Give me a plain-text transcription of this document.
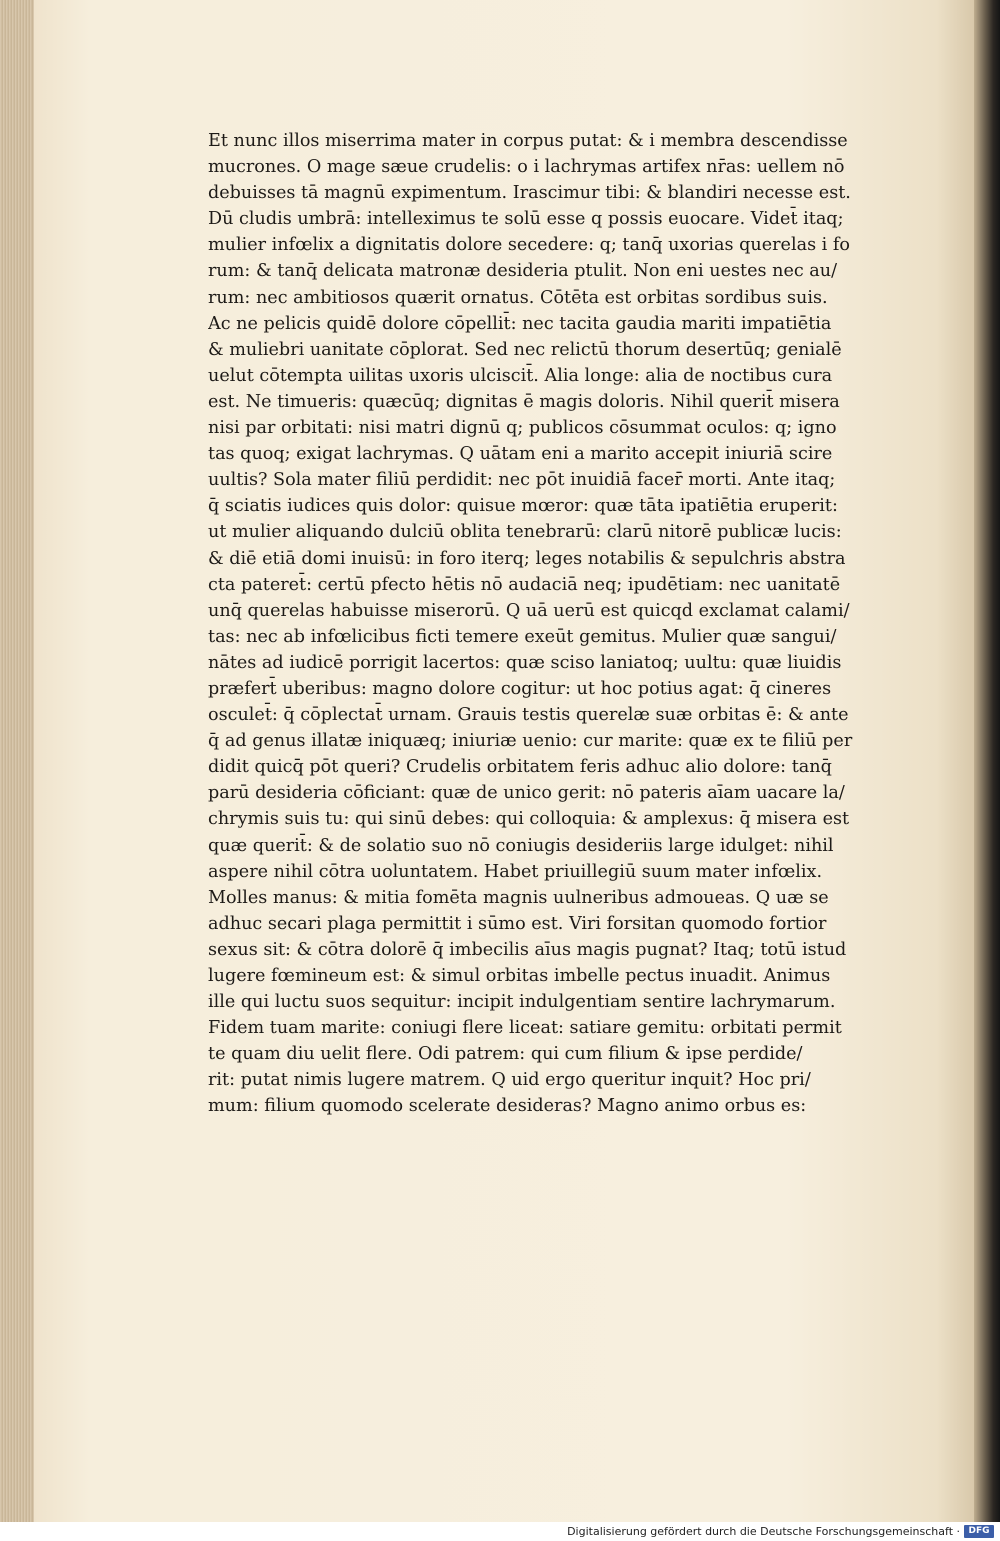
Et nunc illos miserrima mater in corpus putat: & i membra descendisse
mucrones. O mage sæue crudelis: o i lachrymas artifex nr̄as: uellem nō
debuisses tā magnū expimentum. Irascimur tibi: & blandiri necesse est.
Dū cludis umbrā: intelleximus te solū esse q possis euocare. Videt̄ itaq;
mulier infœlix a dignitatis dolore secedere: q; tanq̄ uxorias querelas i fo
rum: & tanq̄ delicata matronæ desideria ptulit. Non eni uestes nec au/
rum: nec ambitiosos quærit ornatus. Cōtēta est orbitas sordibus suis.
Ac ne pelicis quidē dolore cōpellit̄: nec tacita gaudia mariti impatiētia
& muliebri uanitate cōplorat. Sed nec relictū thorum desertūq; genialē
uelut cōtempta uilitas uxoris ulciscit̄. Alia longe: alia de noctibus cura
est. Ne timueris: quæcūq; dignitas ē magis doloris. Nihil querit̄ misera
nisi par orbitati: nisi matri dignū q; publicos cōsummat oculos: q; igno
tas quoq; exigat lachrymas. Q uātam eni a marito accepit iniuriā scire
uultis? Sola mater filiū perdidit: nec pōt inuidiā facer̄ morti. Ante itaq;
q̄ sciatis iudices quis dolor: quisue mœror: quæ tāta ipatiētia eruperit:
ut mulier aliquando dulciū oblita tenebrarū: clarū nitorē publicæ lucis:
& diē etiā domi inuisū: in foro iterq; leges notabilis & sepulchris abstra
cta pateret̄: certū pfecto hētis nō audaciā neq; ipudētiam: nec uanitatē
unq̄ querelas habuisse miserorū. Q uā uerū est quicqd exclamat calami/
tas: nec ab infœlicibus ficti temere exeūt gemitus. Mulier quæ sangui/
nātes ad iudicē porrigit lacertos: quæ sciso laniatoq; uultu: quæ liuidis
præfert̄ uberibus: magno dolore cogitur: ut hoc potius agat: q̄ cineres
osculet̄: q̄ cōplectat̄ urnam. Grauis testis querelæ suæ orbitas ē: & ante
q̄ ad genus illatæ iniquæq; iniuriæ uenio: cur marite: quæ ex te filiū per
didit quicq̄ pōt queri? Crudelis orbitatem feris adhuc alio dolore: tanq̄
parū desideria cōficiant: quæ de unico gerit: nō pateris aīam uacare la/
chrymis suis tu: qui sinū debes: qui colloquia: & amplexus: q̄ misera est
quæ querit̄: & de solatio suo nō coniugis desideriis large idulget: nihil
aspere nihil cōtra uoluntatem. Habet priuillegiū suum mater infœlix.
Molles manus: & mitia fomēta magnis uulneribus admoueas. Q uæ se
adhuc secari plaga permittit i sūmo est. Viri forsitan quomodo fortior
sexus sit: & cōtra dolorē q̄ imbecilis aīus magis pugnat? Itaq; totū istud
lugere fœmineum est: & simul orbitas imbelle pectus inuadit. Animus
ille qui luctu suos sequitur: incipit indulgentiam sentire lachrymarum.
Fidem tuam marite: coniugi flere liceat: satiare gemitu: orbitati permit
te quam diu uelit flere. Odi patrem: qui cum filium & ipse perdide/
rit: putat nimis lugere matrem. Q uid ergo queritur inquit? Hoc pri/
mum: filium quomodo scelerate desideras? Magno animo orbus es:
Digitalisierung gefördert durch die Deutsche Forschungsgemeinschaft · DFG
